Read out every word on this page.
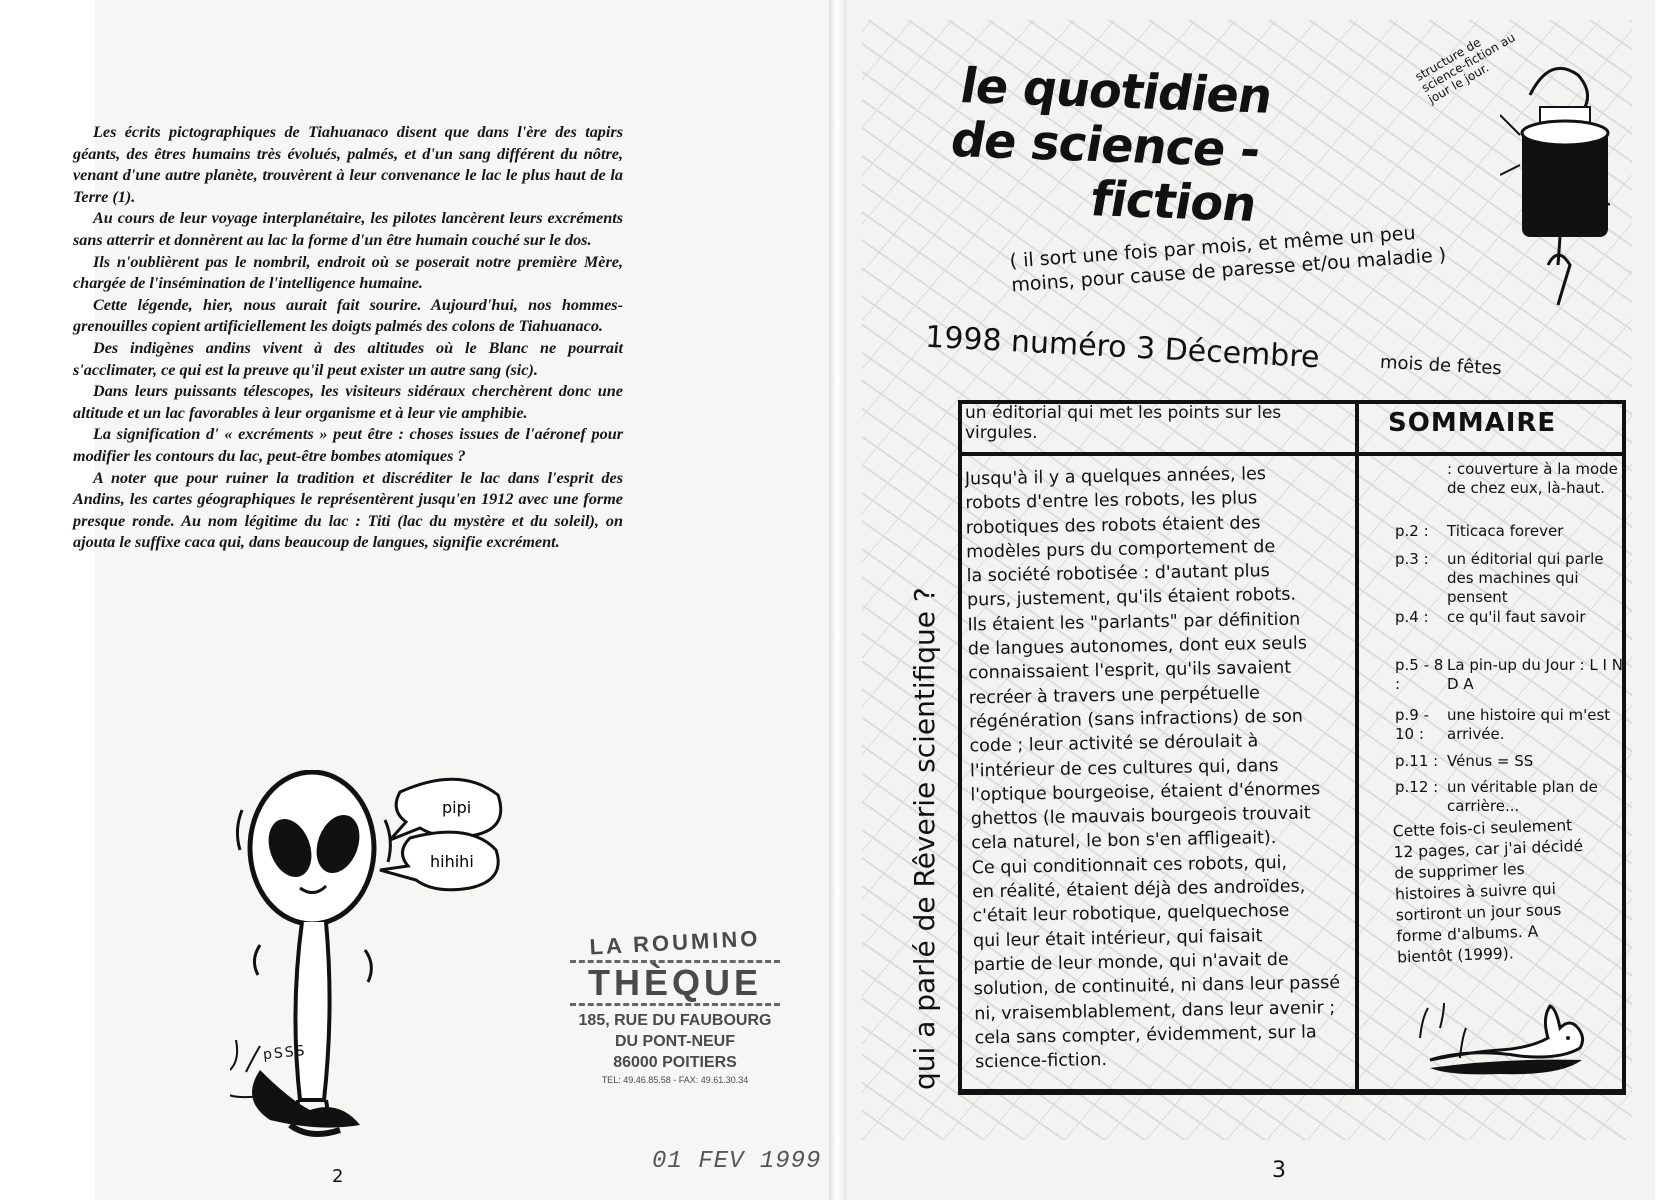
Les écrits pictographiques de Tiahuanaco disent que dans l'ère des tapirs géants, des êtres humains très évolués, palmés, et d'un sang différent du nôtre, venant d'une autre planète, trouvèrent à leur convenance le lac le plus haut de la Terre (1).

Au cours de leur voyage interplanétaire, les pilotes lancèrent leurs excréments sans atterrir et donnèrent au lac la forme d'un être humain couché sur le dos.

Ils n'oublièrent pas le nombril, endroit où se poserait notre première Mère, chargée de l'insémination de l'intelligence humaine.

Cette légende, hier, nous aurait fait sourire. Aujourd'hui, nos hommes-grenouilles copient artificiellement les doigts palmés des colons de Tiahuanaco.

Des indigènes andins vivent à des altitudes où le Blanc ne pourrait s'acclimater, ce qui est la preuve qu'il peut exister un autre sang (sic).

Dans leurs puissants télescopes, les visiteurs sidéraux cherchèrent donc une altitude et un lac favorables à leur organisme et à leur vie amphibie.

La signification d' « excréments » peut être : choses issues de l'aéronef pour modifier les contours du lac, peut-être bombes atomiques ?

A noter que pour ruiner la tradition et discréditer le lac dans l'esprit des Andins, les cartes géographiques le représentèrent jusqu'en 1912 avec une forme presque ronde. Au nom légitime du lac : Titi (lac du mystère et du soleil), on ajouta le suffixe caca qui, dans beaucoup de langues, signifie excrément.

pipi
hihihi
pSSS
LA ROUMINO
THÈQUE
185, RUE DU FAUBOURG
DU PONT-NEUF
86000 POITIERS
TEL: 49.46.85.58 - FAX: 49.61.30.34
01 FEV 1999
2
le quotidien
de science -
fiction
structure de science-fiction au jour le jour.
( il sort une fois par mois, et même un peu moins, pour cause de paresse et/ou maladie )
1998 numéro 3 Décembre	mois de fêtes
qui a parlé de Rêverie scientifique ?
un éditorial qui met les points sur les virgules.	SOMMAIRE
Jusqu'à il y a quelques années, les
robots d'entre les robots, les plus
robotiques des robots étaient des
modèles purs du comportement de
la société robotisée : d'autant plus
purs, justement, qu'ils étaient robots.
Ils étaient les "parlants" par définition
de langues autonomes, dont eux seuls
connaissaient l'esprit, qu'ils savaient
recréer à travers une perpétuelle
régénération (sans infractions) de son
code ; leur activité se déroulait à
l'intérieur de ces cultures qui, dans
l'optique bourgeoise, étaient d'énormes
ghettos (le mauvais bourgeois trouvait
cela naturel, le bon s'en affligeait).
Ce qui conditionnait ces robots, qui,
en réalité, étaient déjà des androïdes,
c'était leur robotique, quelquechose
qui leur était intérieur, qui faisait
partie de leur monde, qui n'avait de
solution, de continuité, ni dans leur passé
ni, vraisemblablement, dans leur avenir ;
cela sans compter, évidemment, sur la
science-fiction.
: couverture à la mode de chez eux, là-haut.
p.2 : Titicaca forever
p.3 : un éditorial qui parle des machines qui pensent
p.4 : ce qu'il faut savoir
p.5 - 8 :La pin-up du Jour : L I N D A
p.9 - 10 :une histoire qui m'est arrivée.
p.11 : Vénus = SS
p.12 : un véritable plan de carrière...
Cette fois-ci seulement 12 pages, car j'ai décidé de supprimer les histoires à suivre qui sortiront un jour sous forme d'albums. A bientôt (1999).
3
